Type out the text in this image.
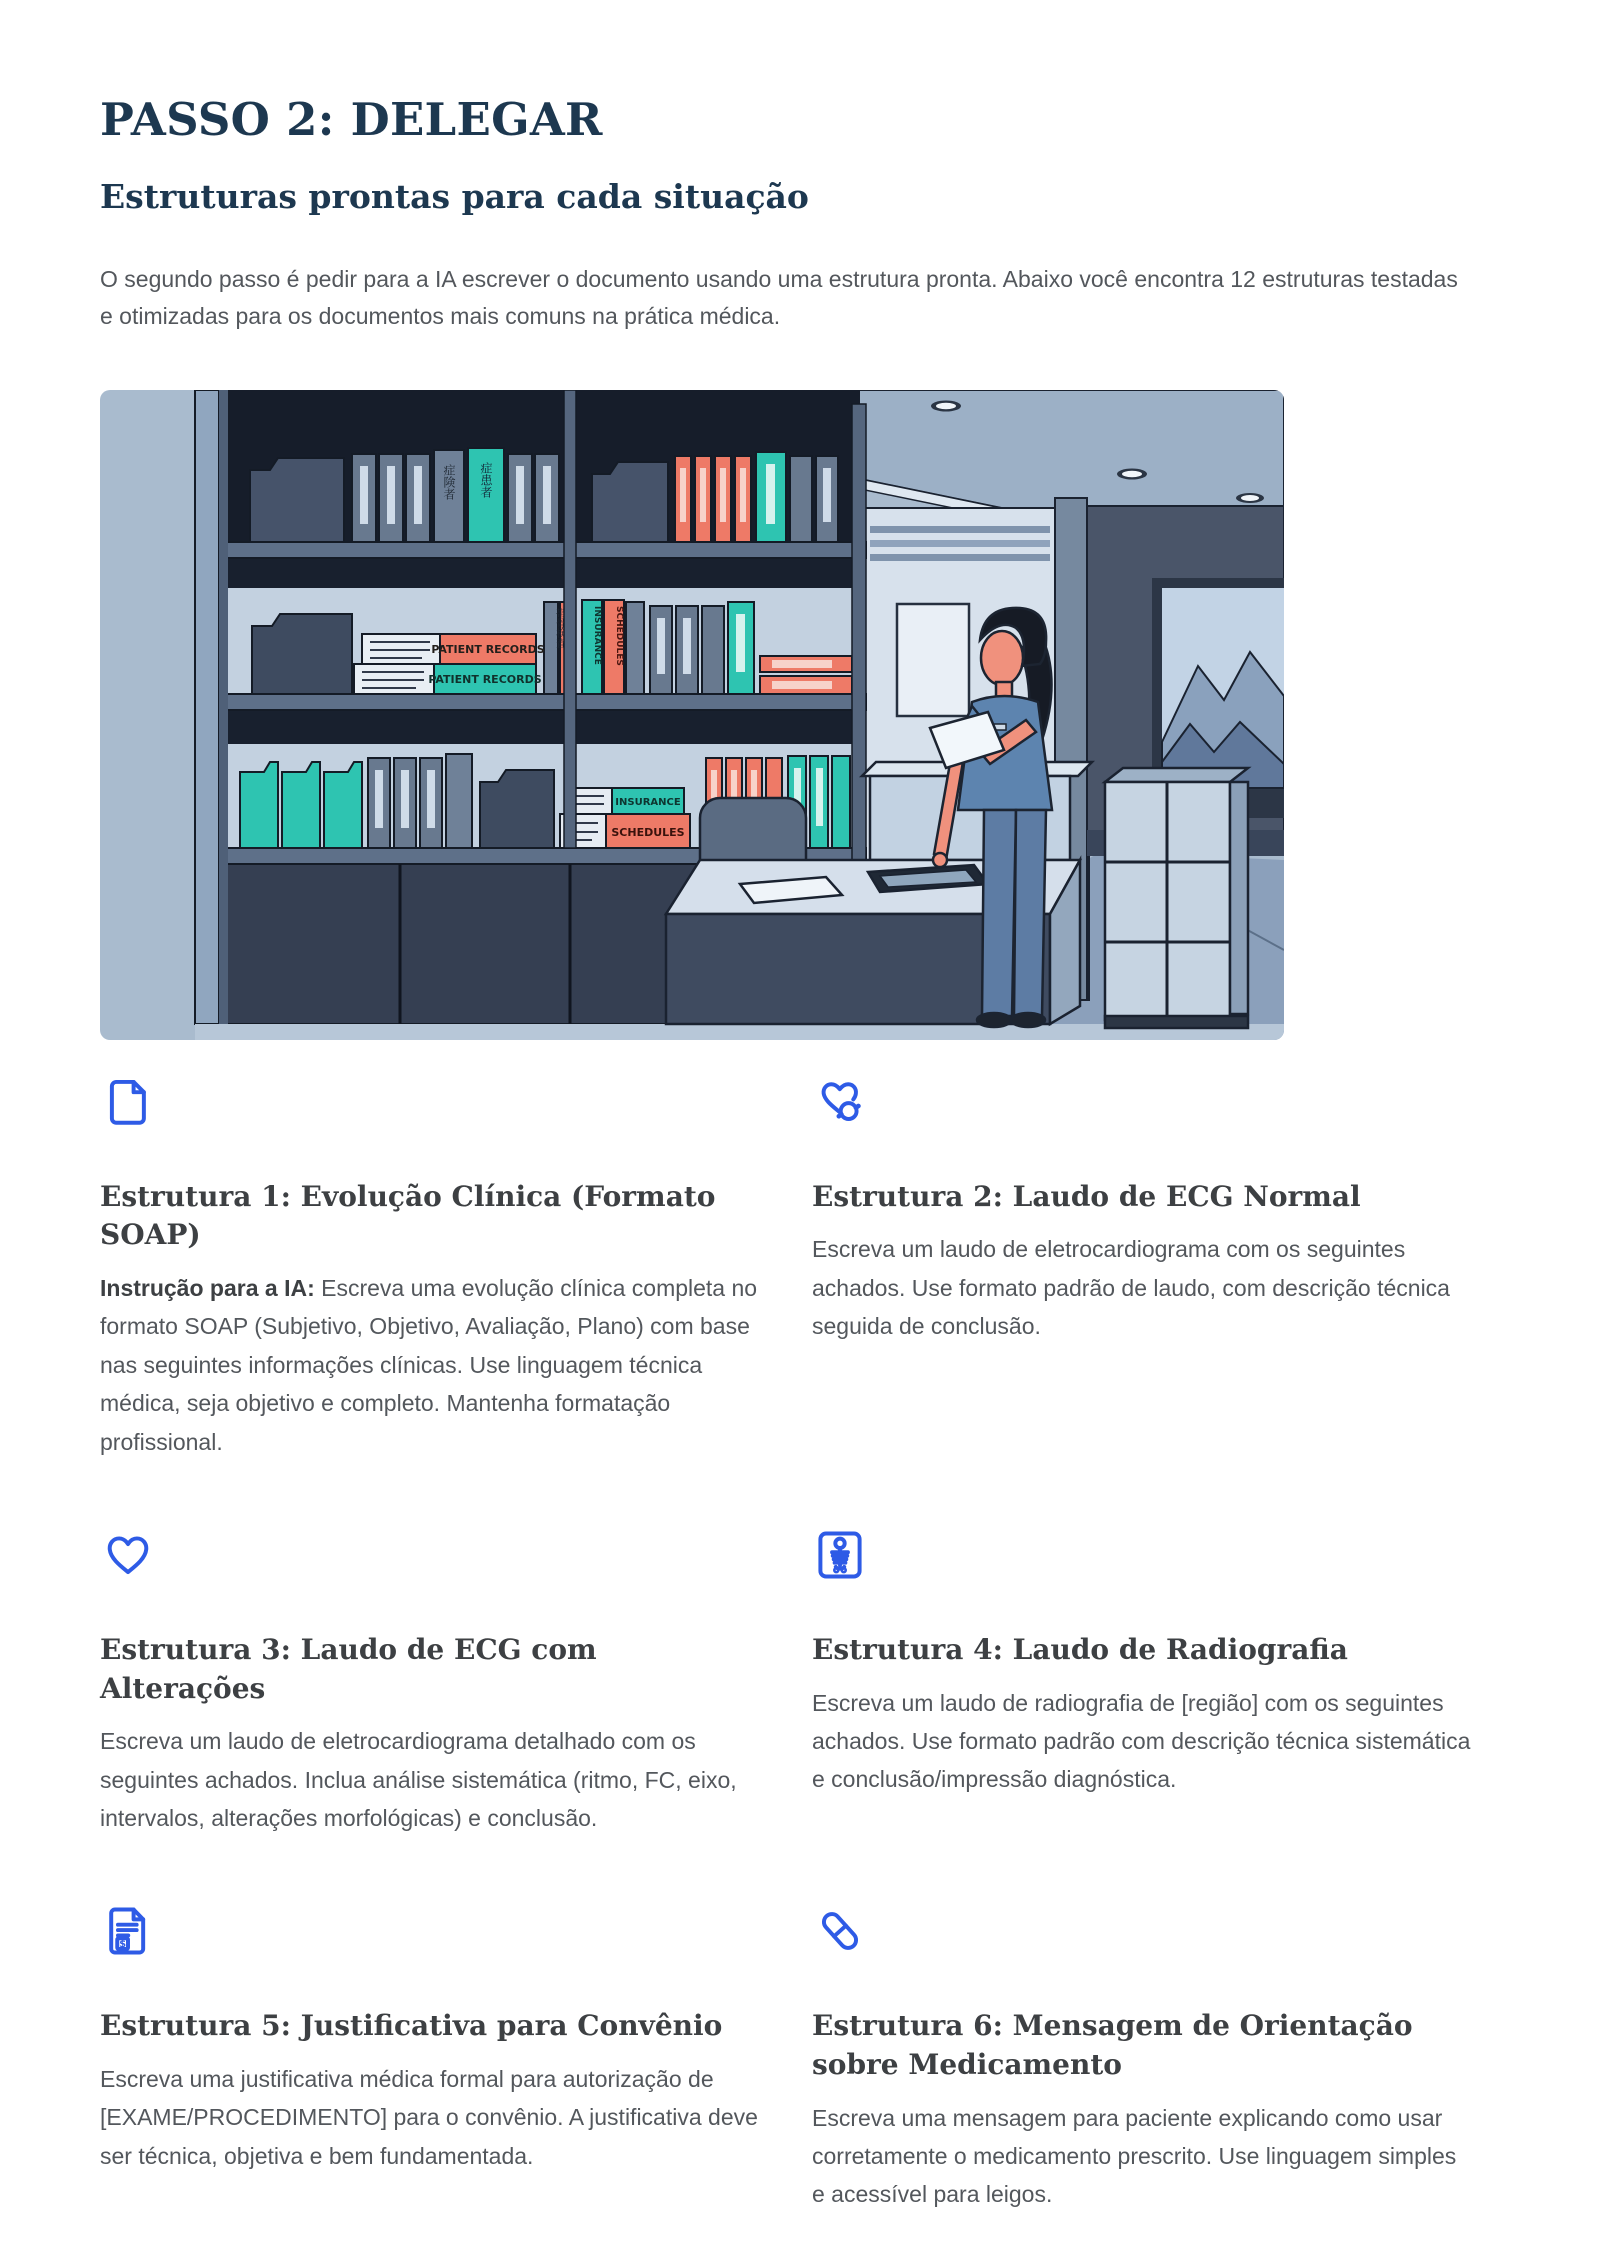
PASSO 2: DELEGAR
Estruturas prontas para cada situação

O segundo passo é pedir para a IA escrever o documento usando uma estrutura pronta. Abaixo você encontra 12 estruturas testadas e otimizadas para os documentos mais comuns na prática médica.

症険者 症患者
PATIENT RECORDS
PATIENT RECORDS
INSURANCE SCHEDULES
帯骨検査
INSURANCE
SCHEDULES
Estrutura 1: Evolução Clínica (Formato SOAP)

Instrução para a IA: Escreva uma evolução clínica completa no formato SOAP (Subjetivo, Objetivo, Avaliação, Plano) com base nas seguintes informações clínicas. Use linguagem técnica médica, seja objetivo e completo. Mantenha formatação profissional.

Estrutura 2: Laudo de ECG Normal

Escreva um laudo de eletrocardiograma com os seguintes achados. Use formato padrão de laudo, com descrição técnica seguida de conclusão.

Estrutura 3: Laudo de ECG com Alterações

Escreva um laudo de eletrocardiograma detalhado com os seguintes achados. Inclua análise sistemática (ritmo, FC, eixo, intervalos, alterações morfológicas) e conclusão.

Estrutura 4: Laudo de Radiografia

Escreva um laudo de radiografia de [região] com os seguintes achados. Use formato padrão com descrição técnica sistemática e conclusão/impressão diagnóstica.

$
Estrutura 5: Justificativa para Convênio

Escreva uma justificativa médica formal para autorização de [EXAME/PROCEDIMENTO] para o convênio. A justificativa deve ser técnica, objetiva e bem fundamentada.

Estrutura 6: Mensagem de Orientação sobre Medicamento

Escreva uma mensagem para paciente explicando como usar corretamente o medicamento prescrito. Use linguagem simples e acessível para leigos.
